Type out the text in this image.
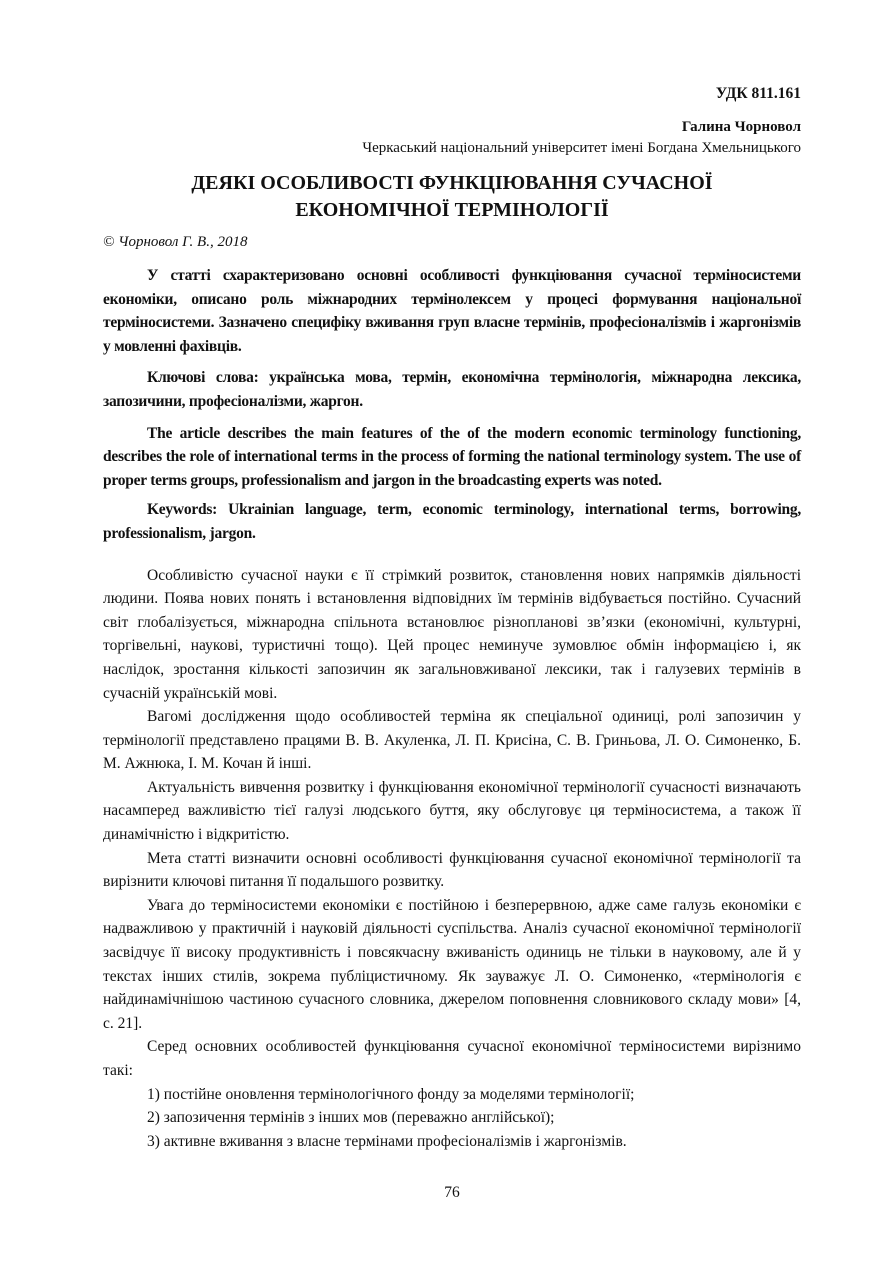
УДК 811.161
Галина Чорновол
Черкаський національний університет імені Богдана Хмельницького
ДЕЯКІ ОСОБЛИВОСТІ ФУНКЦІЮВАННЯ СУЧАСНОЇ
ЕКОНОМІЧНОЇ ТЕРМІНОЛОГІЇ
© Чорновол Г. В., 2018

У статті схарактеризовано основні особливості функціювання сучасної терміносистеми економіки, описано роль міжнародних термінолексем у процесі формування національної терміносистеми. Зазначено специфіку вживання груп власне термінів, професіоналізмів і жаргонізмів у мовленні фахівців.

Ключові слова: українська мова, термін, економічна термінологія, міжнародна лексика, запозичини, професіоналізми, жаргон.

The article describes the main features of the of the modern economic terminology functioning, describes the role of international terms in the process of forming the national terminology system. The use of proper terms groups, professionalism and jargon in the broadcasting experts was noted.

Keywords: Ukrainian language, term, economic terminology, international terms, borrowing, professionalism, jargon.

Особливістю сучасної науки є її стрімкий розвиток, становлення нових напрямків діяльності людини. Поява нових понять і встановлення відповідних їм термінів відбувається постійно. Сучасний світ глобалізується, міжнародна спільнота встановлює різнопланові зв’язки (економічні, культурні, торгівельні, наукові, туристичні тощо). Цей процес неминуче зумовлює обмін інформацією і, як наслідок, зростання кількості запозичин як загальновживаної лексики, так і галузевих термінів в сучасній українській мові.

Вагомі дослідження щодо особливостей терміна як спеціальної одиниці, ролі запозичин у термінології представлено працями В. В. Акуленка, Л. П. Крисіна, С. В. Гриньова, Л. О. Симоненко, Б. М. Ажнюка, І. М. Кочан й інші.

Актуальність вивчення розвитку і функціювання економічної термінології сучасності визначають насамперед важливістю тієї галузі людського буття, яку обслуговує ця терміносистема, а також її динамічністю і відкритістю.

Мета статті визначити основні особливості функціювання сучасної економічної термінології та вирізнити ключові питання її подальшого розвитку.

Увага до терміносистеми економіки є постійною і безперервною, адже саме галузь економіки є надважливою у практичній і науковій діяльності суспільства. Аналіз сучасної економічної термінології засвідчує її високу продуктивність і повсякчасну вживаність одиниць не тільки в науковому, але й у текстах інших стилів, зокрема публіцистичному. Як зауважує Л. О. Симоненко, «термінологія є найдинамічнішою частиною сучасного словника, джерелом поповнення словникового складу мови» [4, с. 21].

Серед основних особливостей функціювання сучасної економічної терміносистеми вирізнимо такі:

1) постійне оновлення термінологічного фонду за моделями термінології;

2) запозичення термінів з інших мов (переважно англійської);

3) активне вживання з власне термінами професіоналізмів і жаргонізмів.

76
